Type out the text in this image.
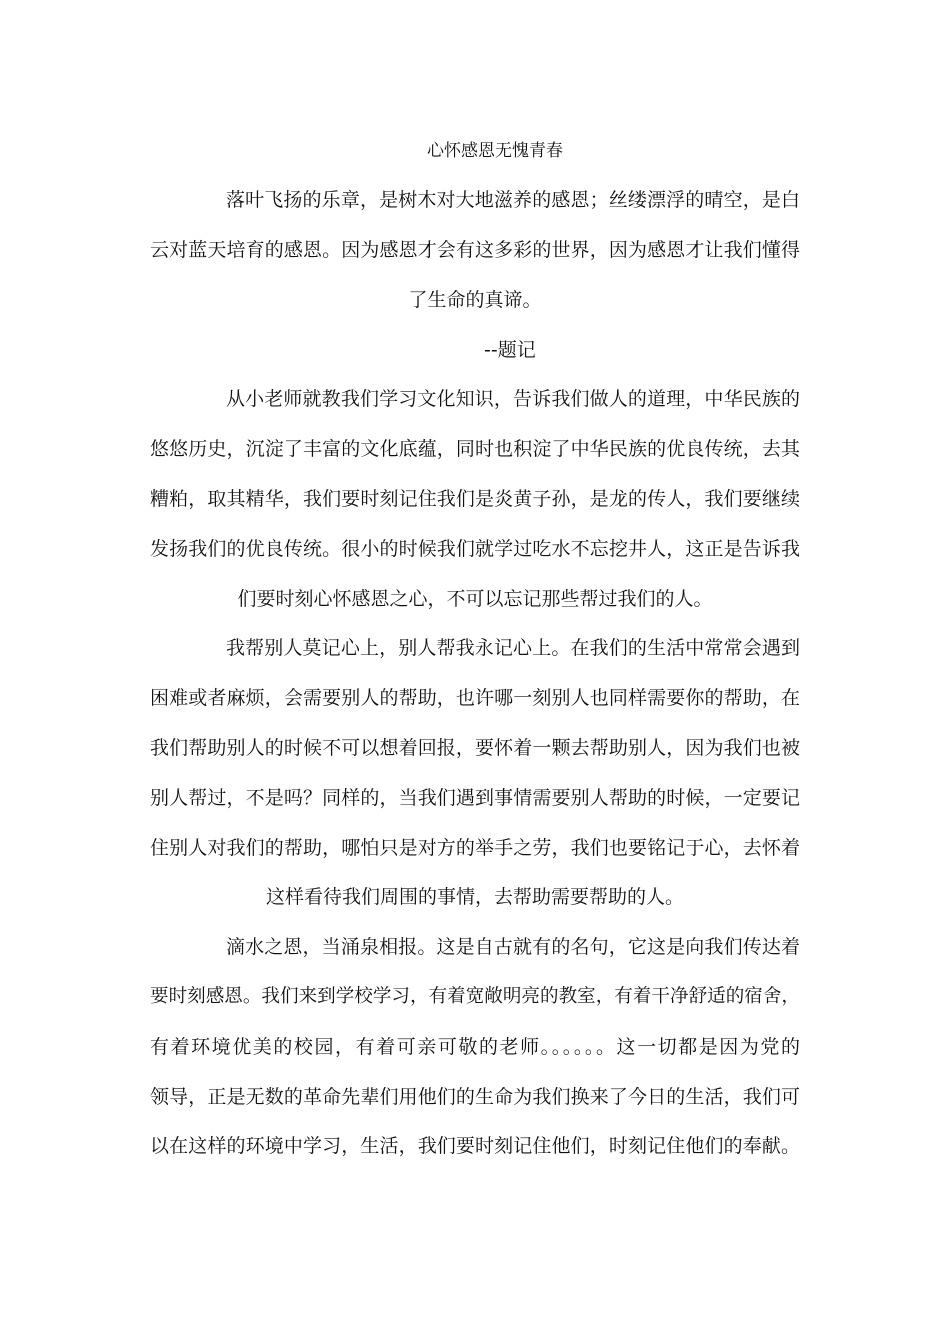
心怀感恩无愧青春
落叶飞扬的乐章，是树木对大地滋养的感恩；丝缕漂浮的晴空，是白
云对蓝天培育的感恩。因为感恩才会有这多彩的世界，因为感恩才让我们懂得
了生命的真谛。
--题记
从小老师就教我们学习文化知识，告诉我们做人的道理，中华民族的
悠悠历史，沉淀了丰富的文化底蕴，同时也积淀了中华民族的优良传统，去其
糟粕，取其精华，我们要时刻记住我们是炎黄子孙，是龙的传人，我们要继续
发扬我们的优良传统。很小的时候我们就学过吃水不忘挖井人，这正是告诉我
们要时刻心怀感恩之心，不可以忘记那些帮过我们的人。
我帮别人莫记心上，别人帮我永记心上。在我们的生活中常常会遇到
困难或者麻烦，会需要别人的帮助，也许哪一刻别人也同样需要你的帮助，在
我们帮助别人的时候不可以想着回报，要怀着一颗去帮助别人，因为我们也被
别人帮过，不是吗？同样的，当我们遇到事情需要别人帮助的时候，一定要记
住别人对我们的帮助，哪怕只是对方的举手之劳，我们也要铭记于心，去怀着
这样看待我们周围的事情，去帮助需要帮助的人。
滴水之恩，当涌泉相报。这是自古就有的名句，它这是向我们传达着
要时刻感恩。我们来到学校学习，有着宽敞明亮的教室，有着干净舒适的宿舍，
有着环境优美的校园，有着可亲可敬的老师。。。。。。这一切都是因为党的
领导，正是无数的革命先辈们用他们的生命为我们换来了今日的生活，我们可
以在这样的环境中学习，生活，我们要时刻记住他们，时刻记住他们的奉献。
